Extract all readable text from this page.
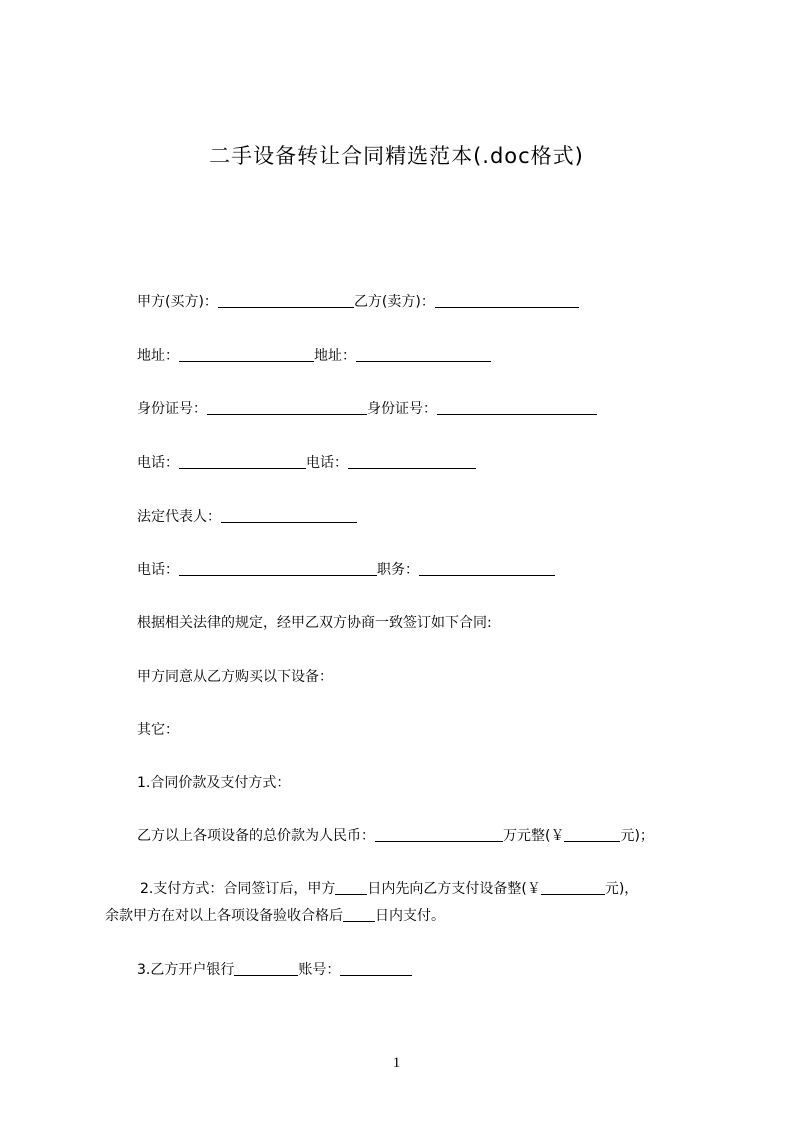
二手设备转让合同精选范本(.doc格式)
甲方(买方)：	乙方(卖方)：
地址：	地址：
身份证号：	身份证号：
电话：	电话：
法定代表人：
电话：	职务：
根据相关法律的规定，经甲乙双方协商一致签订如下合同:
甲方同意从乙方购买以下设备：
其它：
1.合同价款及支付方式：
乙方以上各项设备的总价款为人民币：	万元整(￥	元)；
2.支付方式：合同签订后，甲方 日内先向乙方支付设备整(￥	元)，
余款甲方在对以上各项设备验收合格后 日内支付。
3.乙方开户银行	账号：
1
